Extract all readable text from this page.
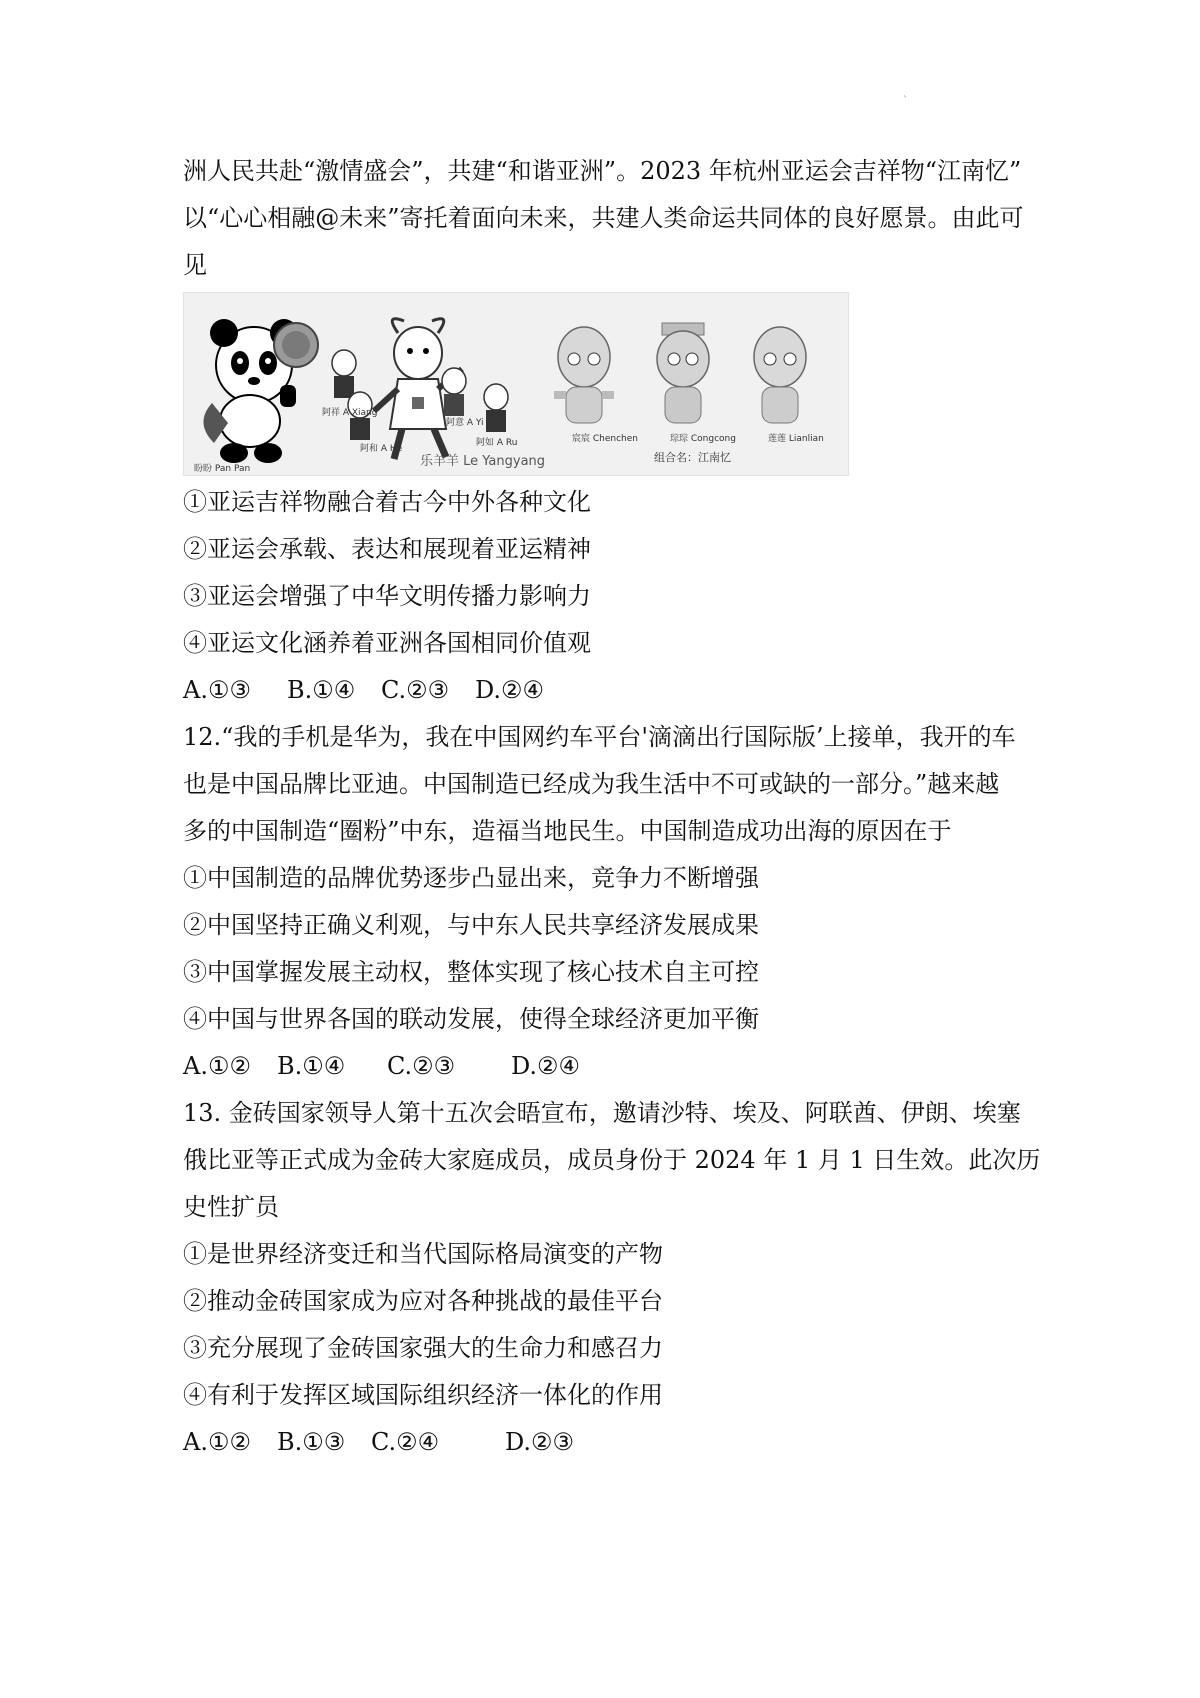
`
洲人民共赴“激情盛会”，共建“和谐亚洲”。2023 年杭州亚运会吉祥物“江南忆”
以“心心相融@未来”寄托着面向未来，共建人类命运共同体的良好愿景。由此可
见
阿祥 A Xiang
阿和 A He
乐羊羊 Le Yangyang
阿意 A Yi
阿如 A Ru	宸宸 Chenchen	琮琮 Congcong	莲莲 Lianlian
组合名：江南忆
盼盼 Pan Pan
①亚运吉祥物融合着古今中外各种文化
②亚运会承载、表达和展现着亚运精神
③亚运会增强了中华文明传播力影响力
④亚运文化涵养着亚洲各国相同价值观
A.①③ B.①④ C.②③ D.②④
12.“我的手机是华为，我在中国网约车平台'滴滴出行国际版’上接单，我开的车
也是中国品牌比亚迪。中国制造已经成为我生活中不可或缺的一部分。”越来越
多的中国制造“圈粉”中东，造福当地民生。中国制造成功出海的原因在于
①中国制造的品牌优势逐步凸显出来，竞争力不断增强
②中国坚持正确义利观，与中东人民共享经济发展成果
③中国掌握发展主动权，整体实现了核心技术自主可控
④中国与世界各国的联动发展，使得全球经济更加平衡
A.①② B.①④ C.②③ D.②④
13. 金砖国家领导人第十五次会晤宣布，邀请沙特、埃及、阿联酋、伊朗、埃塞
俄比亚等正式成为金砖大家庭成员，成员身份于 2024 年 1 月 1 日生效。此次历
史性扩员
①是世界经济变迁和当代国际格局演变的产物
②推动金砖国家成为应对各种挑战的最佳平台
③充分展现了金砖国家强大的生命力和感召力
④有利于发挥区域国际组织经济一体化的作用
A.①② B.①③ C.②④	D.②③
